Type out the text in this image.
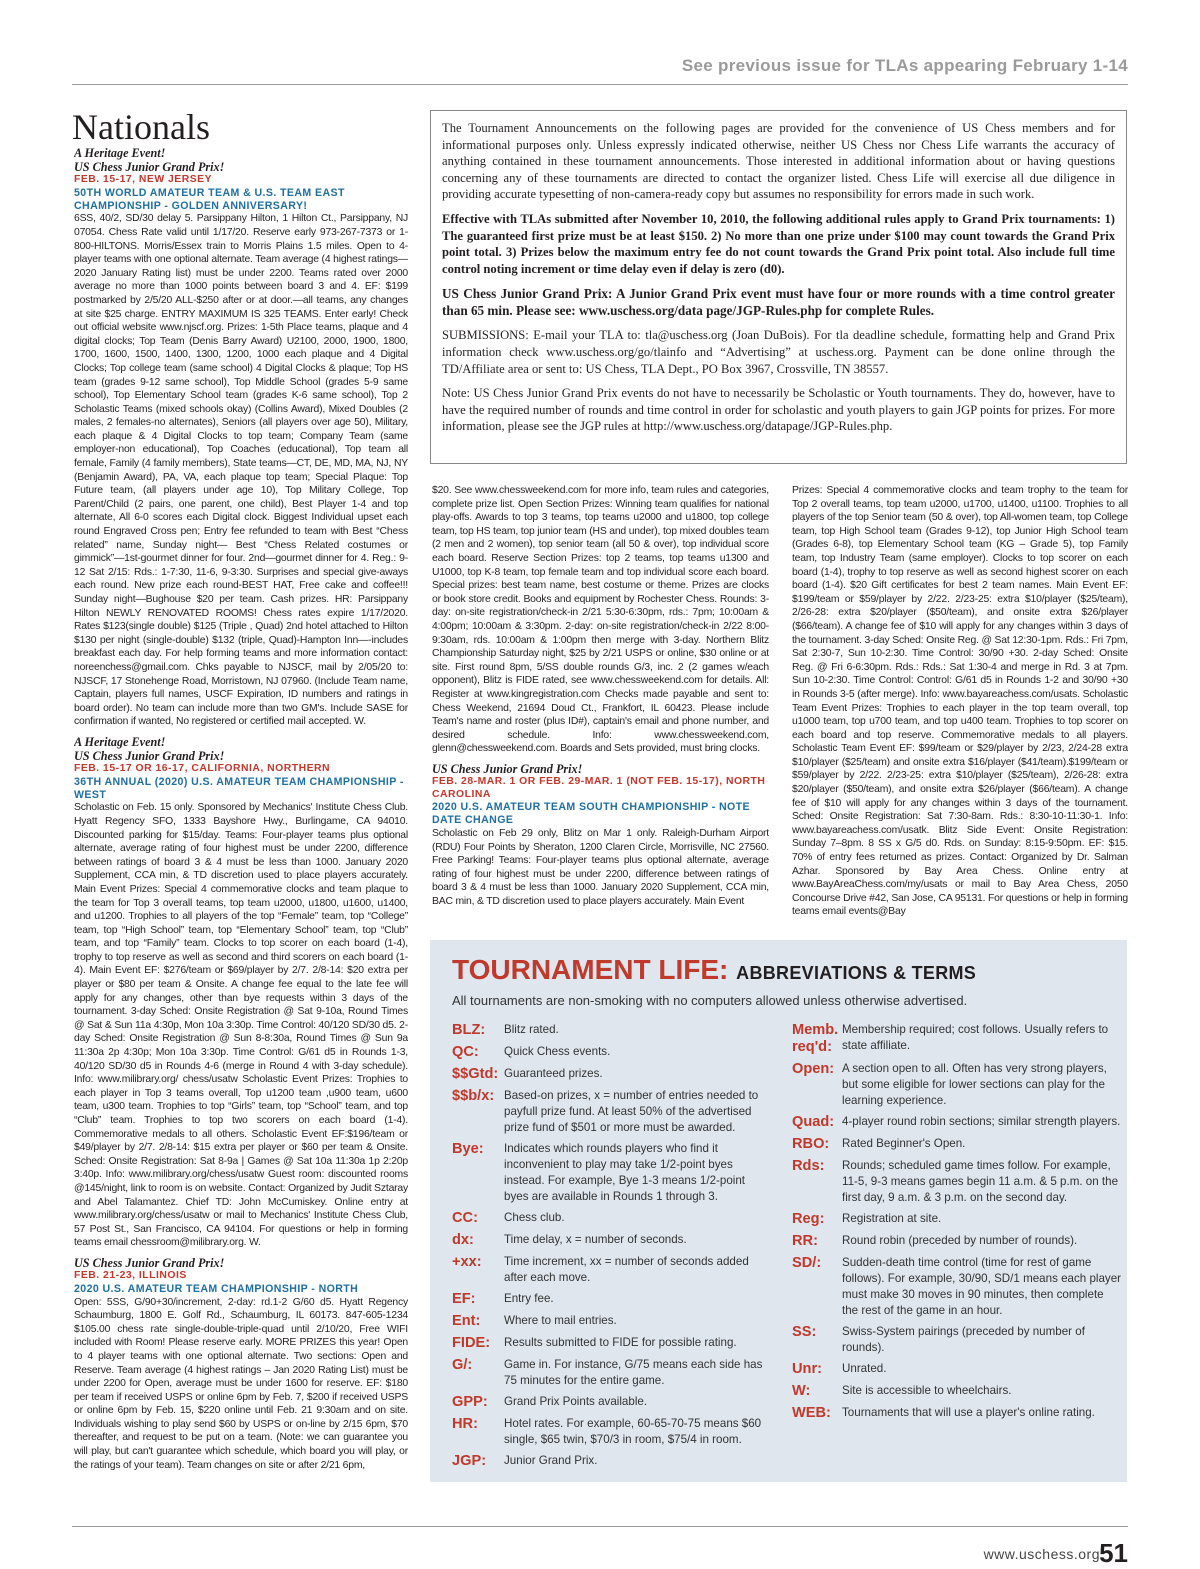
See previous issue for TLAs appearing February 1-14
Nationals
A Heritage Event!
US Chess Junior Grand Prix!
FEB. 15-17, NEW JERSEY
50TH WORLD AMATEUR TEAM & U.S. TEAM EAST CHAMPIONSHIP - GOLDEN ANNIVERSARY!
6SS, 40/2, SD/30 delay 5. Parsippany Hilton, 1 Hilton Ct., Parsippany, NJ 07054. Chess Rate valid until 1/17/20. Reserve early 973-267-7373 or 1- 800-HILTONS. Morris/Essex train to Morris Plains 1.5 miles. Open to 4-player teams with one optional alternate. Team average (4 highest ratings— 2020 January Rating list) must be under 2200. Teams rated over 2000 average no more than 1000 points between board 3 and 4. EF: $199 postmarked by 2/5/20 ALL-$250 after or at door.—all teams, any changes at site $25 charge. ENTRY MAXIMUM IS 325 TEAMS. Enter early! Check out official website www.njscf.org. Prizes: 1-5th Place teams, plaque and 4 digital clocks; Top Team (Denis Barry Award) U2100, 2000, 1900, 1800, 1700, 1600, 1500, 1400, 1300, 1200, 1000 each plaque and 4 Digital Clocks; Top college team (same school) 4 Digital Clocks & plaque; Top HS team (grades 9-12 same school), Top Middle School (grades 5-9 same school), Top Elementary School team (grades K-6 same school), Top 2 Scholastic Teams (mixed schools okay) (Collins Award), Mixed Doubles (2 males, 2 females-no alternates), Seniors (all players over age 50), Military, each plaque & 4 Digital Clocks to top team; Company Team (same employer-non educational), Top Coaches (educational), Top team all female, Family (4 family members), State teams—CT, DE, MD, MA, NJ, NY (Benjamin Award), PA, VA, each plaque top team; Special Plaque: Top Future team, (all players under age 10), Top Military College, Top Parent/Child (2 pairs, one parent, one child), Best Player 1-4 and top alternate, All 6-0 scores each Digital clock. Biggest Individual upset each round Engraved Cross pen; Entry fee refunded to team with Best “Chess related” name, Sunday night— Best “Chess Related costumes or gimmick”—1st-gourmet dinner for four. 2nd—gourmet dinner for 4. Reg.: 9-12 Sat 2/15: Rds.: 1-7:30, 11-6, 9-3:30. Surprises and special give-aways each round. New prize each round-BEST HAT, Free cake and coffee!!! Sunday night—Bughouse $20 per team. Cash prizes. HR: Parsippany Hilton NEWLY RENOVATED ROOMS! Chess rates expire 1/17/2020. Rates $123(single double) $125 (Triple , Quad) 2nd hotel attached to Hilton $130 per night (single-double) $132 (triple, Quad)-Hampton Inn—-includes breakfast each day. For help forming teams and more information contact: noreenchess@gmail.com. Chks payable to NJSCF, mail by 2/05/20 to: NJSCF, 17 Stonehenge Road, Morristown, NJ 07960. (Include Team name, Captain, players full names, USCF Expiration, ID numbers and ratings in board order). No team can include more than two GM's. Include SASE for confirmation if wanted, No registered or certified mail accepted. W.
A Heritage Event!
US Chess Junior Grand Prix!
FEB. 15-17 OR 16-17, CALIFORNIA, NORTHERN
36TH ANNUAL (2020) U.S. AMATEUR TEAM CHAMPIONSHIP - WEST
Scholastic on Feb. 15 only. Sponsored by Mechanics' Institute Chess Club. Hyatt Regency SFO, 1333 Bayshore Hwy., Burlingame, CA 94010. Discounted parking for $15/day. Teams: Four-player teams plus optional alternate, average rating of four highest must be under 2200, difference between ratings of board 3 & 4 must be less than 1000. January 2020 Supplement, CCA min, & TD discretion used to place players accurately. Main Event Prizes: Special 4 commemorative clocks and team plaque to the team for Top 3 overall teams, top team u2000, u1800, u1600, u1400, and u1200. Trophies to all players of the top “Female” team, top “College” team, top “High School” team, top “Elementary School” team, top “Club” team, and top “Family” team. Clocks to top scorer on each board (1-4), trophy to top reserve as well as second and third scorers on each board (1-4). Main Event EF: $276/team or $69/player by 2/7. 2/8-14: $20 extra per player or $80 per team & Onsite. A change fee equal to the late fee will apply for any changes, other than bye requests within 3 days of the tournament. 3-day Sched: Onsite Registration @ Sat 9-10a, Round Times @ Sat & Sun 11a 4:30p, Mon 10a 3:30p. Time Control: 40/120 SD/30 d5. 2-day Sched: Onsite Registration @ Sun 8-8:30a, Round Times @ Sun 9a 11:30a 2p 4:30p; Mon 10a 3:30p. Time Control: G/61 d5 in Rounds 1-3, 40/120 SD/30 d5 in Rounds 4-6 (merge in Round 4 with 3-day schedule). Info: www.milibrary.org/ chess/usatw Scholastic Event Prizes: Trophies to each player in Top 3 teams overall, Top u1200 team ,u900 team, u600 team, u300 team. Trophies to top “Girls” team, top “School” team, and top “Club” team. Trophies to top two scorers on each board (1-4). Commemorative medals to all others. Scholastic Event EF:$196/team or $49/player by 2/7. 2/8-14: $15 extra per player or $60 per team & Onsite. Sched: Onsite Registration: Sat 8-9a | Games @ Sat 10a 11:30a 1p 2:20p 3:40p. Info: www.milibrary.org/chess/usatw Guest room: discounted rooms @145/night, link to room is on website. Contact: Organized by Judit Sztaray and Abel Talamantez. Chief TD: John McCumiskey. Online entry at www.milibrary.org/chess/usatw or mail to Mechanics' Institute Chess Club, 57 Post St., San Francisco, CA 94104. For questions or help in forming teams email chessroom@milibrary.org. W.
US Chess Junior Grand Prix!
FEB. 21-23, ILLINOIS
2020 U.S. AMATEUR TEAM CHAMPIONSHIP - NORTH
Open: 5SS, G/90+30/increment, 2-day: rd.1-2 G/60 d5. Hyatt Regency Schaumburg, 1800 E. Golf Rd., Schaumburg, IL 60173. 847-605-1234 $105.00 chess rate single-double-triple-quad until 2/10/20, Free WIFI included with Room! Please reserve early. MORE PRIZES this year! Open to 4 player teams with one optional alternate. Two sections: Open and Reserve. Team average (4 highest ratings – Jan 2020 Rating List) must be under 2200 for Open, average must be under 1600 for reserve. EF: $180 per team if received USPS or online 6pm by Feb. 7, $200 if received USPS or online 6pm by Feb. 15, $220 online until Feb. 21 9:30am and on site. Individuals wishing to play send $60 by USPS or on-line by 2/15 6pm, $70 thereafter, and request to be put on a team. (Note: we can guarantee you will play, but can't guarantee which schedule, which board you will play, or the ratings of your team). Team changes on site or after 2/21 6pm,

The Tournament Announcements on the following pages are provided for the convenience of US Chess members and for informational purposes only. Unless expressly indicated otherwise, neither US Chess nor Chess Life warrants the accuracy of anything contained in these tournament announcements. Those interested in additional information about or having questions concerning any of these tournaments are directed to contact the organizer listed. Chess Life will exercise all due diligence in providing accurate typesetting of non-camera-ready copy but assumes no responsibility for errors made in such work.

Effective with TLAs submitted after November 10, 2010, the following additional rules apply to Grand Prix tournaments: 1) The guaranteed first prize must be at least $150. 2) No more than one prize under $100 may count towards the Grand Prix point total. 3) Prizes below the maximum entry fee do not count towards the Grand Prix point total. Also include full time control noting increment or time delay even if delay is zero (d0).

US Chess Junior Grand Prix: A Junior Grand Prix event must have four or more rounds with a time control greater than 65 min. Please see: www.uschess.org/data page/JGP-Rules.php for complete Rules.

SUBMISSIONS: E-mail your TLA to: tla@uschess.org (Joan DuBois). For tla deadline schedule, formatting help and Grand Prix information check www.uschess.org/go/tlainfo and “Advertising” at uschess.org. Payment can be done online through the TD/Affiliate area or sent to: US Chess, TLA Dept., PO Box 3967, Crossville, TN 38557.

Note: US Chess Junior Grand Prix events do not have to necessarily be Scholastic or Youth tournaments. They do, however, have to have the required number of rounds and time control in order for scholastic and youth players to gain JGP points for prizes. For more information, please see the JGP rules at http://www.uschess.org/datapage/JGP-Rules.php.

$20. See www.chessweekend.com for more info, team rules and categories, complete prize list. Open Section Prizes: Winning team qualifies for national play-offs. Awards to top 3 teams, top teams u2000 and u1800, top college team, top HS team, top junior team (HS and under), top mixed doubles team (2 men and 2 women), top senior team (all 50 & over), top individual score each board. Reserve Section Prizes: top 2 teams, top teams u1300 and U1000, top K-8 team, top female team and top individual score each board. Special prizes: best team name, best costume or theme. Prizes are clocks or book store credit. Books and equipment by Rochester Chess. Rounds: 3-day: on-site registration/check-in 2/21 5:30-6:30pm, rds.: 7pm; 10:00am & 4:00pm; 10:00am & 3:30pm. 2-day: on-site registration/check-in 2/22 8:00-9:30am, rds. 10:00am & 1:00pm then merge with 3-day. Northern Blitz Championship Saturday night, $25 by 2/21 USPS or online, $30 online or at site. First round 8pm, 5/SS double rounds G/3, inc. 2 (2 games w/each opponent), Blitz is FIDE rated, see www.chessweekend.com for details. All: Register at www.kingregistration.com Checks made payable and sent to: Chess Weekend, 21694 Doud Ct., Frankfort, IL 60423. Please include Team's name and roster (plus ID#), captain's email and phone number, and desired schedule. Info: www.chessweekend.com, glenn@chessweekend.com. Boards and Sets provided, must bring clocks.
US Chess Junior Grand Prix!
FEB. 28-MAR. 1 OR FEB. 29-MAR. 1 (NOT FEB. 15-17), NORTH CAROLINA
2020 U.S. AMATEUR TEAM SOUTH CHAMPIONSHIP - NOTE DATE CHANGE
Scholastic on Feb 29 only, Blitz on Mar 1 only. Raleigh-Durham Airport (RDU) Four Points by Sheraton, 1200 Claren Circle, Morrisville, NC 27560. Free Parking! Teams: Four-player teams plus optional alternate, average rating of four highest must be under 2200, difference between ratings of board 3 & 4 must be less than 1000. January 2020 Supplement, CCA min, BAC min, & TD discretion used to place players accurately. Main Event
Prizes: Special 4 commemorative clocks and team trophy to the team for Top 2 overall teams, top team u2000, u1700, u1400, u1100. Trophies to all players of the top Senior team (50 & over), top All-women team, top College team, top High School team (Grades 9-12), top Junior High School team (Grades 6-8), top Elementary School team (KG – Grade 5), top Family team, top Industry Team (same employer). Clocks to top scorer on each board (1-4), trophy to top reserve as well as second highest scorer on each board (1-4). $20 Gift certificates for best 2 team names. Main Event EF: $199/team or $59/player by 2/22. 2/23-25: extra $10/player ($25/team), 2/26-28: extra $20/player ($50/team), and onsite extra $26/player ($66/team). A change fee of $10 will apply for any changes within 3 days of the tournament. 3-day Sched: Onsite Reg. @ Sat 12:30-1pm. Rds.: Fri 7pm, Sat 2:30-7, Sun 10-2:30. Time Control: 30/90 +30. 2-day Sched: Onsite Reg. @ Fri 6-6:30pm. Rds.: Rds.: Sat 1:30-4 and merge in Rd. 3 at 7pm. Sun 10-2:30. Time Control: Control: G/61 d5 in Rounds 1-2 and 30/90 +30 in Rounds 3-5 (after merge). Info: www.bayareachess.com/usats. Scholastic Team Event Prizes: Trophies to each player in the top team overall, top u1000 team, top u700 team, and top u400 team. Trophies to top scorer on each board and top reserve. Commemorative medals to all players. Scholastic Team Event EF: $99/team or $29/player by 2/23, 2/24-28 extra $10/player ($25/team) and onsite extra $16/player ($41/team).$199/team or $59/player by 2/22. 2/23-25: extra $10/player ($25/team), 2/26-28: extra $20/player ($50/team), and onsite extra $26/player ($66/team). A change fee of $10 will apply for any changes within 3 days of the tournament. Sched: Onsite Registration: Sat 7:30-8am. Rds.: 8:30-10-11:30-1. Info: www.bayareachess.com/usatk. Blitz Side Event: Onsite Registration: Sunday 7–8pm. 8 SS x G/5 d0. Rds. on Sunday: 8:15-9:50pm. EF: $15. 70% of entry fees returned as prizes. Contact: Organized by Dr. Salman Azhar. Sponsored by Bay Area Chess. Online entry at www.BayAreaChess.com/my/usats or mail to Bay Area Chess, 2050 Concourse Drive #42, San Jose, CA 95131. For questions or help in forming teams email events@Bay
TOURNAMENT LIFE: ABBREVIATIONS & TERMS
All tournaments are non-smoking with no computers allowed unless otherwise advertised.
BLZ:	Blitz rated.
QC:	Quick Chess events.
$$Gtd: Guaranteed prizes.
$$b/x: Based-on prizes, x = number of entries needed to payfull prize fund. At least 50% of the advertised prize fund of $501 or more must be awarded.
Bye:	Indicates which rounds players who find it inconvenient to play may take 1/2-point byes instead. For example, Bye 1-3 means 1/2-point byes are available in Rounds 1 through 3.
CC:	Chess club.
dx:	Time delay, x = number of seconds.
+xx:	Time increment, xx = number of seconds added after each move.
EF:	Entry fee.
Ent:	Where to mail entries.
FIDE:	Results submitted to FIDE for possible rating.
G/:	Game in. For instance, G/75 means each side has 75 minutes for the entire game.
GPP:	Grand Prix Points available.
HR:	Hotel rates. For example, 60-65-70-75 means $60 single, $65 twin, $70/3 in room, $75/4 in room.
JGP:	Junior Grand Prix.
Memb. req'd:
Membership required; cost follows. Usually refers to state affiliate.
Open: A section open to all. Often has very strong players, but some eligible for lower sections can play for the learning experience.
Quad: 4-player round robin sections; similar strength players.
RBO:	Rated Beginner's Open.
Rds:	Rounds; scheduled game times follow. For example, 11-5, 9-3 means games begin 11 a.m. & 5 p.m. on the first day, 9 a.m. & 3 p.m. on the second day.
Reg:	Registration at site.
RR:	Round robin (preceded by number of rounds).
SD/:	Sudden-death time control (time for rest of game follows). For example, 30/90, SD/1 means each player must make 30 moves in 90 minutes, then complete the rest of the game in an hour.
SS:	Swiss-System pairings (preceded by number of rounds).
Unr:	Unrated.
W:	Site is accessible to wheelchairs.
WEB: Tournaments that will use a player's online rating.
www.uschess.org 51
